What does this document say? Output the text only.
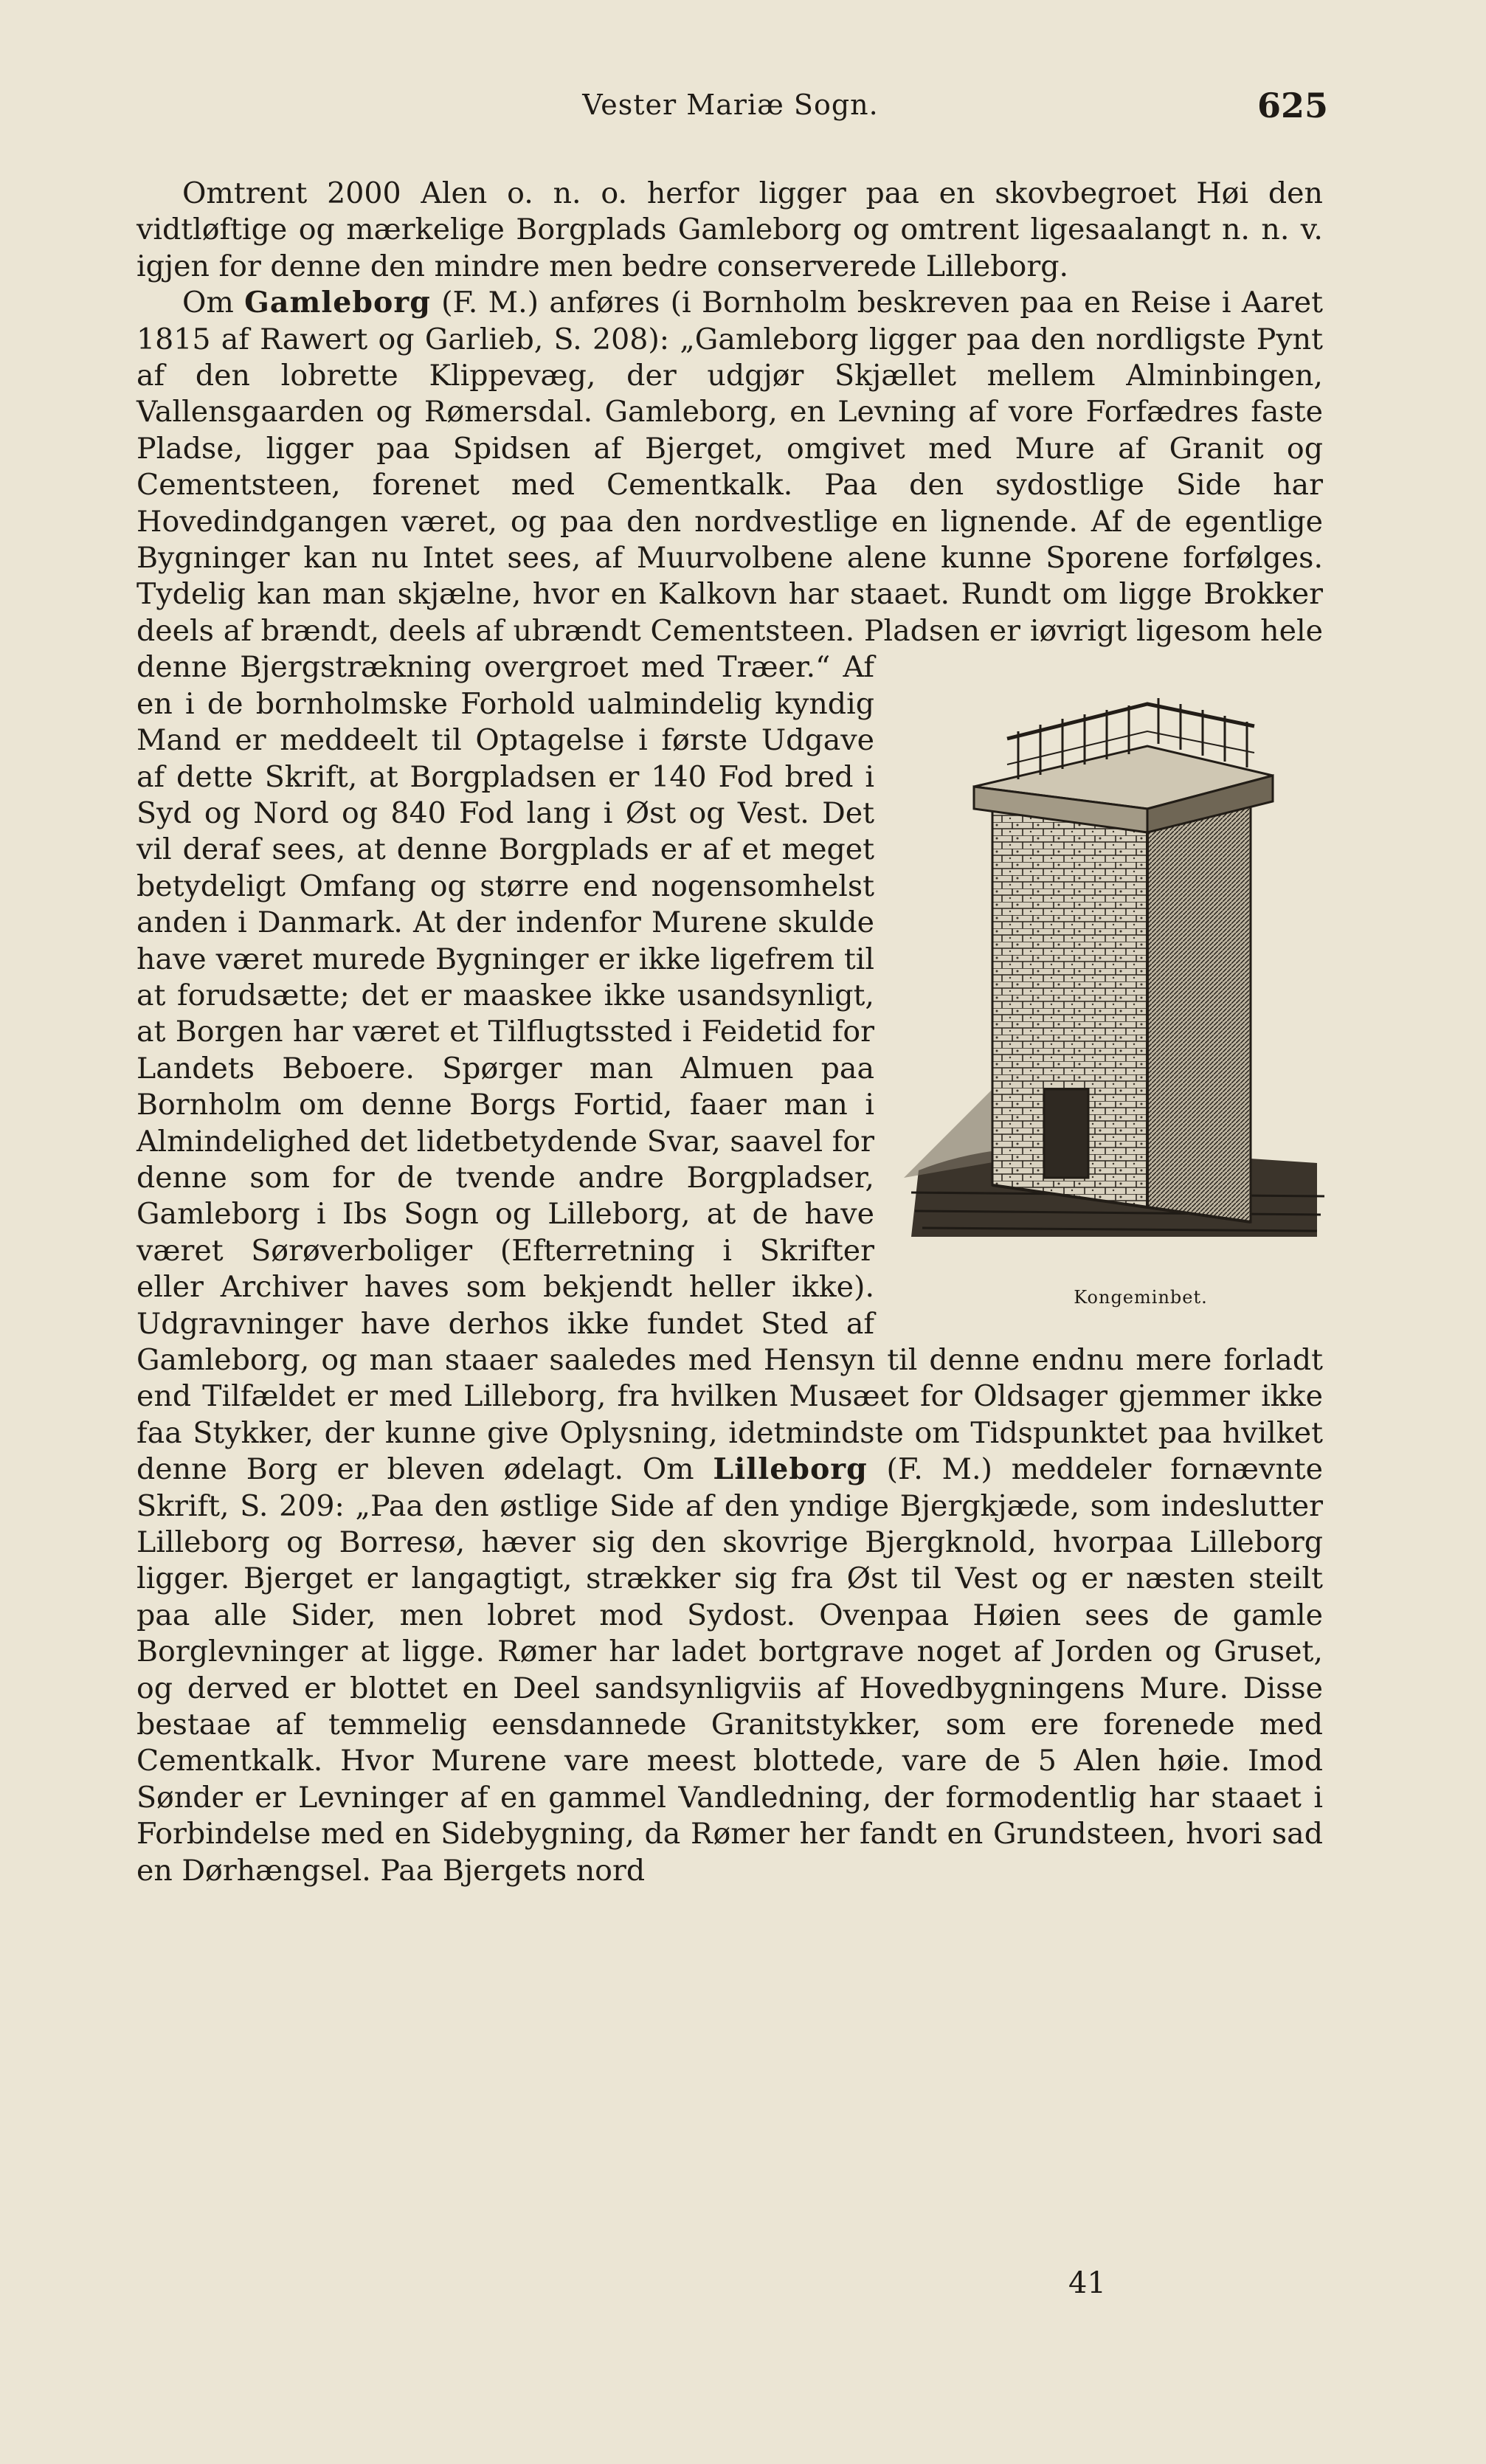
Vester Mariæ Sogn.	625

Omtrent 2000 Alen o. n. o. herfor ligger paa en skovbegroet Høi den vidtløftige og mærkelige Borgplads Gamleborg og omtrent ligesaalangt n. n. v. igjen for denne den mindre men bedre conserverede Lilleborg.

Om Gamleborg (F. M.) anføres (i Bornholm beskreven paa en Reise i Aaret 1815 af Rawert og Garlieb, S. 208): „Gamleborg ligger paa den nordligste Pynt af den lobrette Klippevæg, der udgjør Skjællet mellem Alminbingen, Vallensgaarden og Rømersdal. Gamleborg, en Levning af vore Forfædres faste Pladse, ligger paa Spidsen af Bjerget, omgivet med Mure af Granit og Cementsteen, forenet med Cementkalk. Paa den sydostlige Side har Hovedindgangen været, og paa den nordvestlige en lignende. Af de egentlige Bygninger kan nu Intet sees, af Muurvolbene alene kunne Sporene forfølges. Tydelig kan man skjælne, hvor en Kalkovn har staaet. Rundt om ligge Brokker deels af brændt, deels af ubrændt Cementsteen. Pladsen er iøvrigt ligesom hele denne Bjergstrækning overgroet med Træer.“
Kongeminbet.
Af en i de bornholmske Forhold ualmindelig kyndig Mand er meddeelt til Optagelse i første Udgave af dette Skrift, at Borgpladsen er 140 Fod bred i Syd og Nord og 840 Fod lang i Øst og Vest. Det vil deraf sees, at denne Borgplads er af et meget betydeligt Omfang og større end nogensomhelst anden i Danmark. At der indenfor Murene skulde have været murede Bygninger er ikke ligefrem til at forudsætte; det er maaskee ikke usandsynligt, at Borgen har været et Tilflugtssted i Feidetid for Landets Beboere. Spørger man Almuen paa Bornholm om denne Borgs Fortid, faaer man i Almindelighed det lidetbetydende Svar, saavel for denne som for de tvende andre Borgpladser, Gamleborg i Ibs Sogn og Lilleborg, at de have været Sørøverboliger (Efterretning i Skrifter eller Archiver haves som bekjendt heller ikke). Udgravninger have derhos ikke fundet Sted af Gamleborg, og man staaer saaledes med Hensyn til denne endnu mere forladt end Tilfældet er med Lilleborg, fra hvilken Musæet for Oldsager gjemmer ikke faa Stykker, der kunne give Oplysning, idetmindste om Tidspunktet paa hvilket denne Borg er bleven ødelagt. Om Lilleborg (F. M.) meddeler fornævnte Skrift, S. 209: „Paa den østlige Side af den yndige Bjergkjæde, som indeslutter Lilleborg og Borresø, hæver sig den skovrige Bjergknold, hvorpaa Lilleborg ligger. Bjerget er langagtigt, strækker sig fra Øst til Vest og er næsten steilt paa alle Sider, men lobret mod Sydost. Ovenpaa Høien sees de gamle Borglevninger at ligge. Rømer har ladet bortgrave noget af Jorden og Gruset, og derved er blottet en Deel sandsynligviis af Hovedbygningens Mure. Disse bestaae af temmelig eensdannede Granitstykker, som ere forenede med Cementkalk. Hvor Murene vare meest blottede, vare de 5 Alen høie. Imod Sønder er Levninger af en gammel Vandledning, der formodentlig har staaet i Forbindelse med en Sidebygning, da Rømer her fandt en Grundsteen, hvori sad en Dørhængsel. Paa Bjergets nord

41
